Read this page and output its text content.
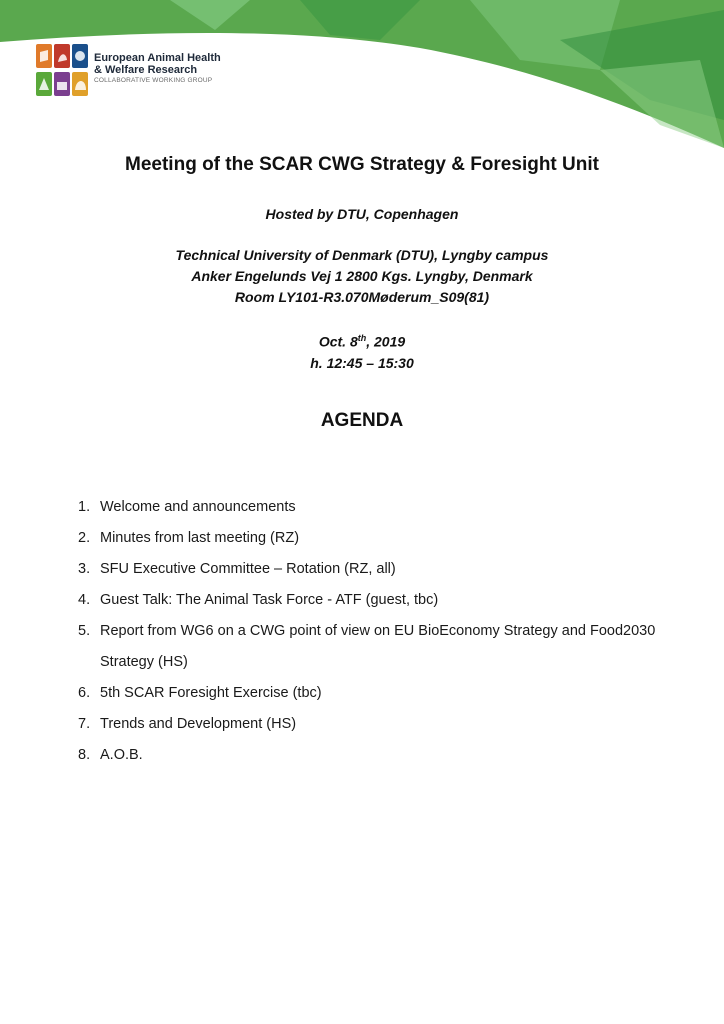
European Animal Health
& Welfare Research
COLLABORATIVE WORKING GROUP
Meeting of the SCAR CWG Strategy & Foresight Unit
Hosted by DTU, Copenhagen
Technical University of Denmark (DTU), Lyngby campus
Anker Engelunds Vej 1 2800 Kgs. Lyngby, Denmark
Room LY101-R3.070Møderum_S09(81)
Oct. 8th, 2019
h. 12:45 – 15:30
AGENDA
1. Welcome and announcements
2. Minutes from last meeting (RZ)
3. SFU Executive Committee – Rotation (RZ, all)
4. Guest Talk: The Animal Task Force - ATF (guest, tbc)
5. Report from WG6 on a CWG point of view on EU BioEconomy Strategy and Food2030 Strategy (HS)
6. 5th SCAR Foresight Exercise (tbc)
7. Trends and Development (HS)
8. A.O.B.
